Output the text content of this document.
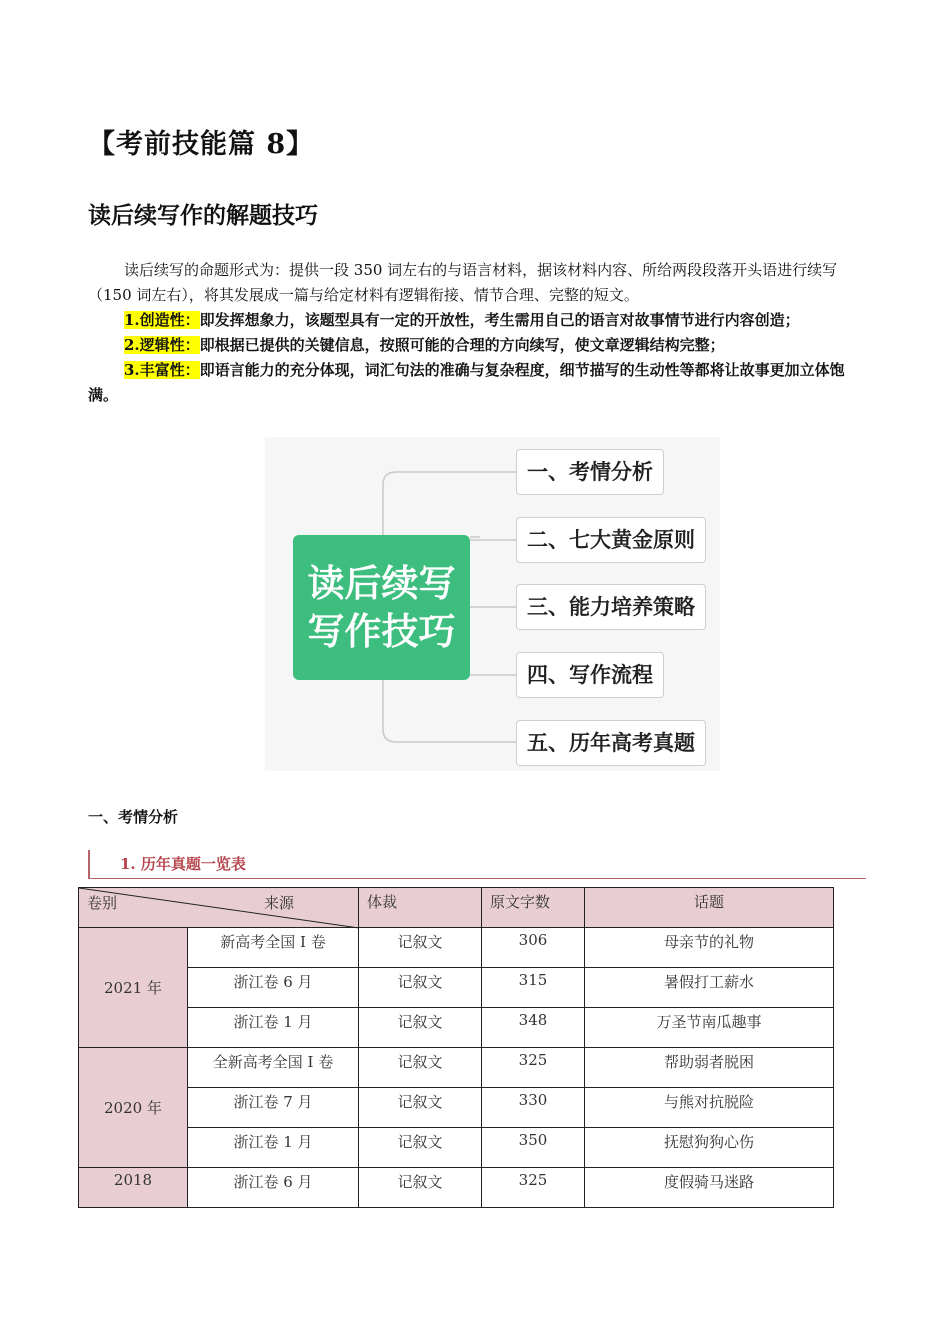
【考前技能篇 8】
读后续写作的解题技巧

读后续写的命题形式为：提供一段 350 词左右的与语言材料，据该材料内容、所给两段段落开头语进行续写（150 词左右），将其发展成一篇与给定材料有逻辑衔接、情节合理、完整的短文。

1.创造性：即发挥想象力，该题型具有一定的开放性，考生需用自己的语言对故事情节进行内容创造；

2.逻辑性：即根据已提供的关键信息，按照可能的合理的方向续写，使文章逻辑结构完整；

3.丰富性：即语言能力的充分体现，词汇句法的准确与复杂程度，细节描写的生动性等都将让故事更加立体饱满。

读后续写
写作技巧
一、考情分析
二、七大黄金原则
三、能力培养策略
四、写作流程
五、历年高考真题
一、考情分析
1. 历年真题一览表
卷别 来源		体裁	原文字数	话题
2021 年	新高考全国 I 卷	记叙文	306	母亲节的礼物
	浙江卷 6 月	记叙文	315	暑假打工薪水
	浙江卷 1 月	记叙文	348	万圣节南瓜趣事
2020 年	全新高考全国 I 卷	记叙文	325	帮助弱者脱困
	浙江卷 7 月	记叙文	330	与熊对抗脱险
	浙江卷 1 月	记叙文	350	抚慰狗狗心伤
2018	浙江卷 6 月	记叙文	325	度假骑马迷路
